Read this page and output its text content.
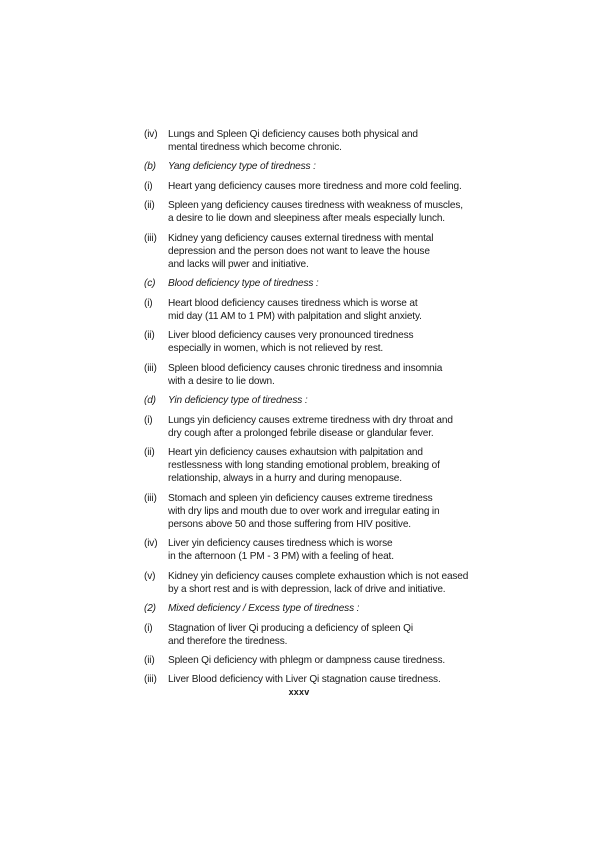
(iv)	Lungs and Spleen Qi deficiency causes both physical and
mental tiredness which become chronic.
(b)	Yang deficiency type of tiredness :
(i)	Heart yang deficiency causes more tiredness and more cold feeling.
(ii)	Spleen yang deficiency causes tiredness with weakness of muscles,
a desire to lie down and sleepiness after meals especially lunch.
(iii)	Kidney yang deficiency causes external tiredness with mental
depression and the person does not want to leave the house
and lacks will pwer and initiative.
(c)	Blood deficiency type of tiredness :
(i)	Heart blood deficiency causes tiredness which is worse at
mid day (11 AM to 1 PM) with palpitation and slight anxiety.
(ii)	Liver blood deficiency causes very pronounced tiredness
especially in women, which is not relieved by rest.
(iii)	Spleen blood deficiency causes chronic tiredness and insomnia
with a desire to lie down.
(d)	Yin deficiency type of tiredness :
(i)	Lungs yin deficiency causes extreme tiredness with dry throat and
dry cough after a prolonged febrile disease or glandular fever.
(ii)	Heart yin deficiency causes exhautsion with palpitation and
restlessness with long standing emotional problem, breaking of
relationship, always in a hurry and during menopause.
(iii)	Stomach and spleen yin deficiency causes extreme tiredness
with dry lips and mouth due to over work and irregular eating in
persons above 50 and those suffering from HIV positive.
(iv)	Liver yin deficiency causes tiredness which is worse
in the afternoon (1 PM - 3 PM) with a feeling of heat.
(v)	Kidney yin deficiency causes complete exhaustion which is not eased
by a short rest and is with depression, lack of drive and initiative.
(2)	Mixed deficiency / Excess type of tiredness :
(i)	Stagnation of liver Qi producing a deficiency of spleen Qi
and therefore the tiredness.
(ii)	Spleen Qi deficiency with phlegm or dampness cause tiredness.
(iii)	Liver Blood deficiency with Liver Qi stagnation cause tiredness.
xxxv
